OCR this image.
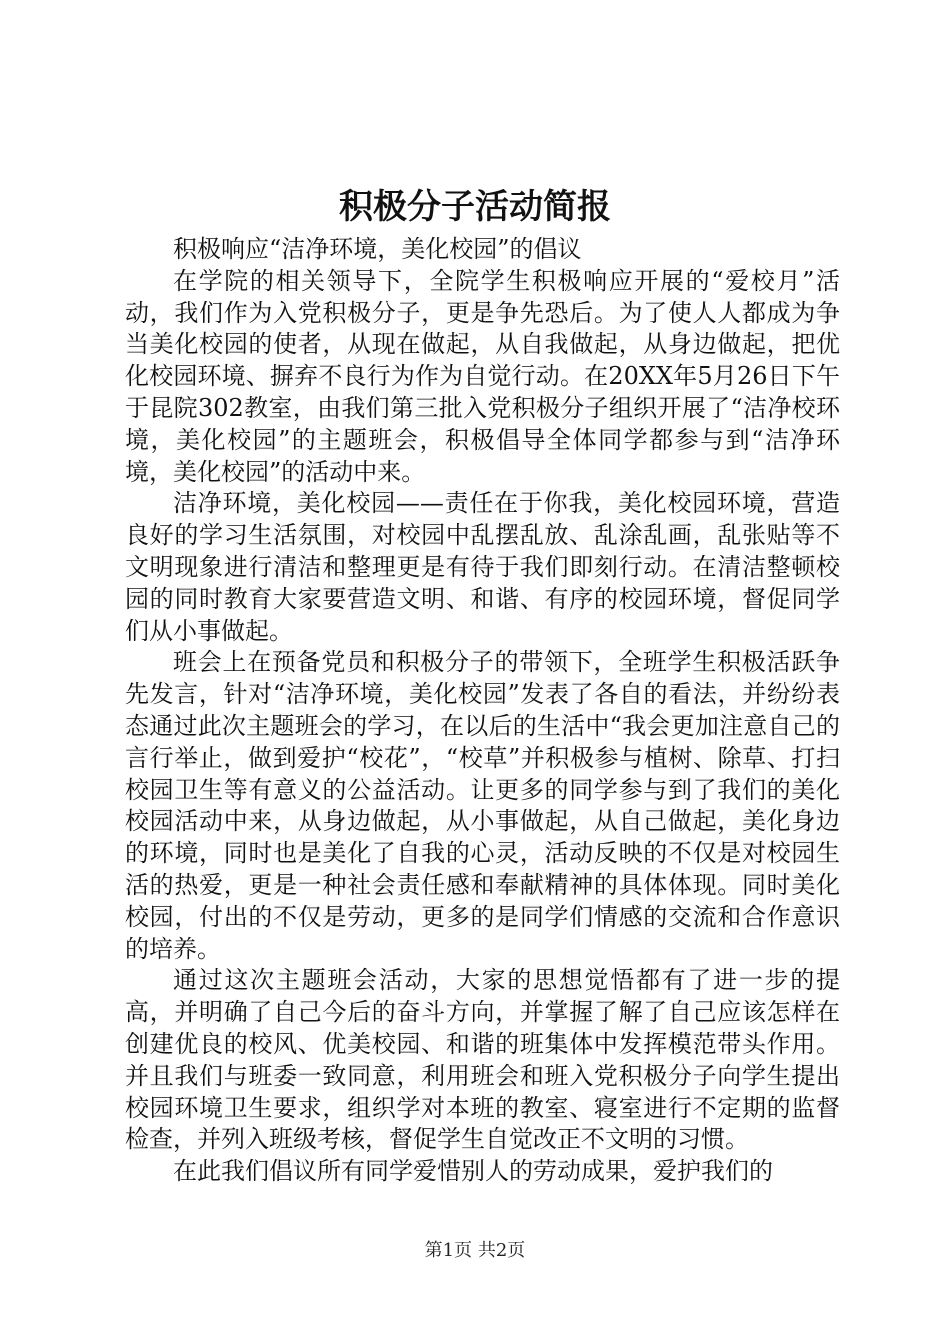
积极分子活动简报

积极响应“洁净环境，美化校园”的倡议

在学院的相关领导下，全院学生积极响应开展的“爱校月”活动，我们作为入党积极分子，更是争先恐后。为了使人人都成为争当美化校园的使者，从现在做起，从自我做起，从身边做起，把优化校园环境、摒弃不良行为作为自觉行动。在20XX年5月26日下午于昆院302教室，由我们第三批入党积极分子组织开展了“洁净校环境，美化校园”的主题班会，积极倡导全体同学都参与到“洁净环境，美化校园”的活动中来。

洁净环境，美化校园——责任在于你我，美化校园环境，营造良好的学习生活氛围，对校园中乱摆乱放、乱涂乱画，乱张贴等不文明现象进行清洁和整理更是有待于我们即刻行动。在清洁整顿校园的同时教育大家要营造文明、和谐、有序的校园环境，督促同学们从小事做起。

班会上在预备党员和积极分子的带领下，全班学生积极活跃争先发言，针对“洁净环境，美化校园”发表了各自的看法，并纷纷表态通过此次主题班会的学习，在以后的生活中“我会更加注意自己的言行举止，做到爱护“校花”，“校草”并积极参与植树、除草、打扫校园卫生等有意义的公益活动。让更多的同学参与到了我们的美化校园活动中来，从身边做起，从小事做起，从自己做起，美化身边的环境，同时也是美化了自我的心灵，活动反映的不仅是对校园生活的热爱，更是一种社会责任感和奉献精神的具体体现。同时美化校园，付出的不仅是劳动，更多的是同学们情感的交流和合作意识的培养。

通过这次主题班会活动，大家的思想觉悟都有了进一步的提高，并明确了自己今后的奋斗方向，并掌握了解了自己应该怎样在创建优良的校风、优美校园、和谐的班集体中发挥模范带头作用。并且我们与班委一致同意，利用班会和班入党积极分子向学生提出校园环境卫生要求，组织学对本班的教室、寝室进行不定期的监督检查，并列入班级考核，督促学生自觉改正不文明的习惯。

在此我们倡议所有同学爱惜别人的劳动成果，爱护我们的

第1页 共2页
